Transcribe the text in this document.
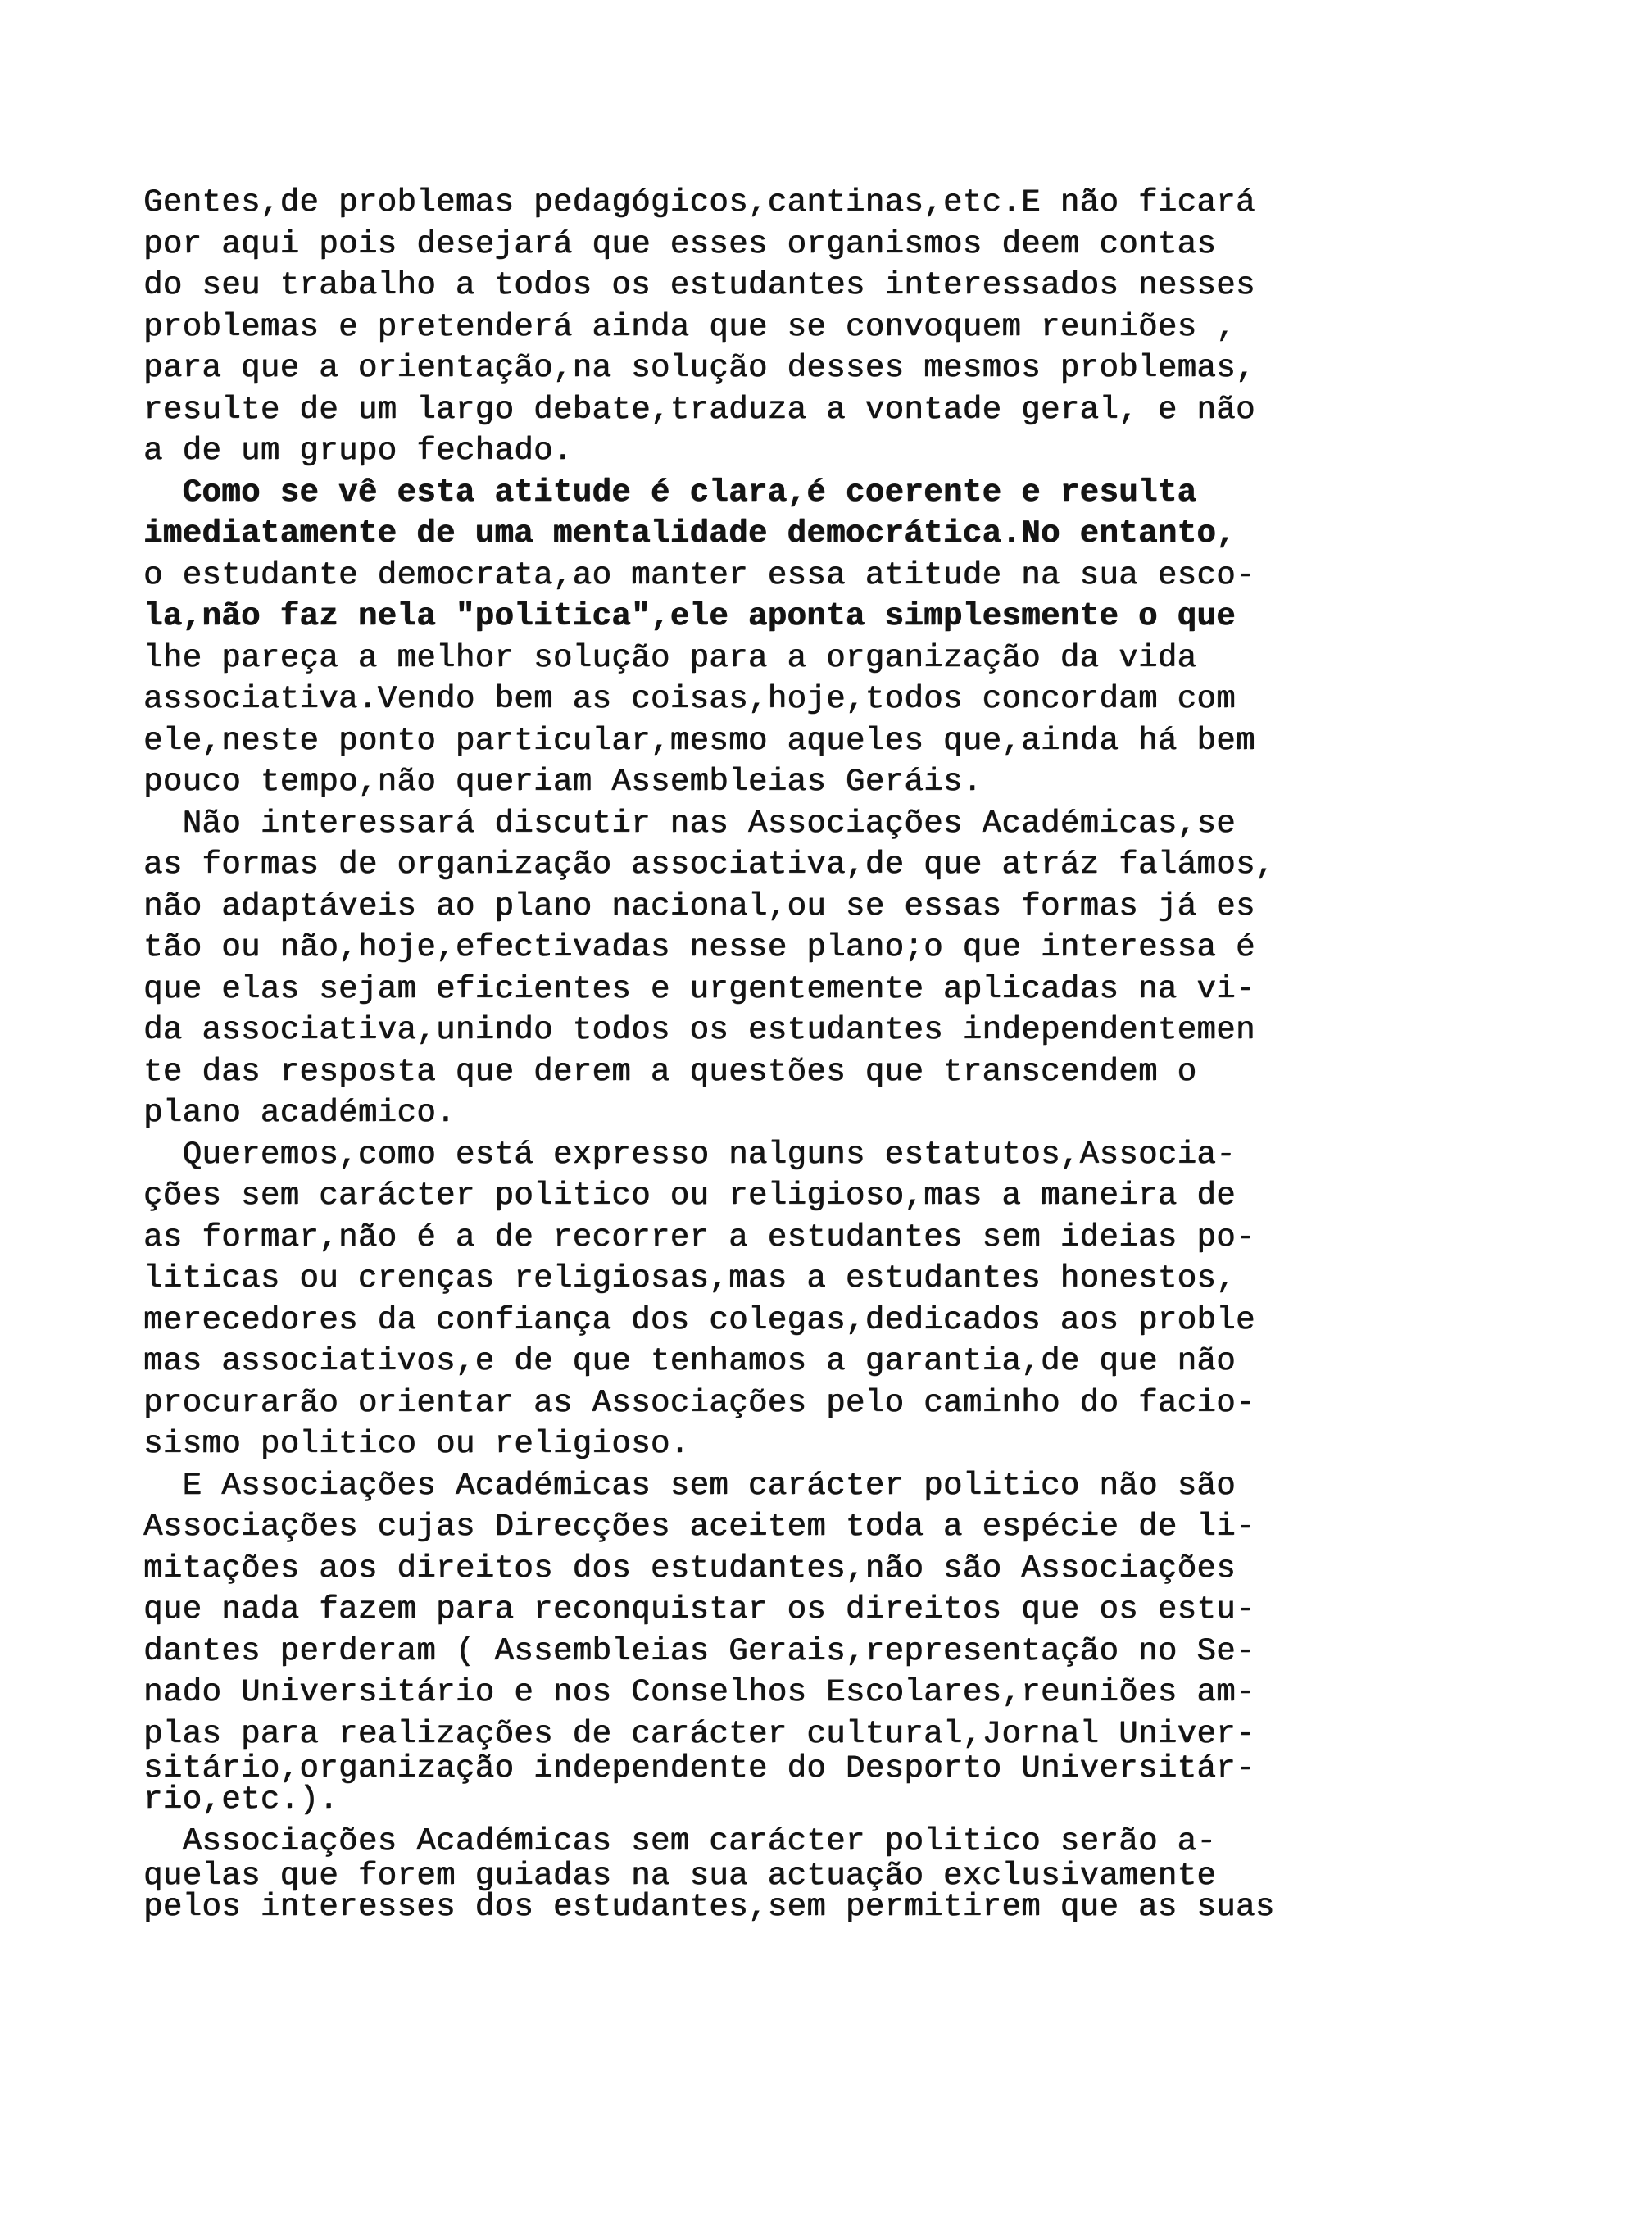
Gentes,de problemas pedagógicos,cantinas,etc.E não ficará
por aqui pois desejará que esses organismos deem contas
do seu trabalho a todos os estudantes interessados nesses
problemas e pretenderá ainda que se convoquem reuniões ,
para que a orientação,na solução desses mesmos problemas,
resulte de um largo debate,traduza a vontade geral, e não
a de um grupo fechado.
Como se vê esta atitude é clara,é coerente e resulta
imediatamente de uma mentalidade democrática.No entanto,
o estudante democrata,ao manter essa atitude na sua esco-
la,não faz nela "politica",ele aponta simplesmente o que
lhe pareça a melhor solução para a organização da vida
associativa.Vendo bem as coisas,hoje,todos concordam com
ele,neste ponto particular,mesmo aqueles que,ainda há bem
pouco tempo,não queriam Assembleias Geráis.
Não interessará discutir nas Associações Académicas,se
as formas de organização associativa,de que atráz falámos,
não adaptáveis ao plano nacional,ou se essas formas já es
tão ou não,hoje,efectivadas nesse plano;o que interessa é
que elas sejam eficientes e urgentemente aplicadas na vi-
da associativa,unindo todos os estudantes independentemen
te das resposta que derem a questões que transcendem o
plano académico.
Queremos,como está expresso nalguns estatutos,Associa-
ções sem carácter politico ou religioso,mas a maneira de
as formar,não é a de recorrer a estudantes sem ideias po-
liticas ou crenças religiosas,mas a estudantes honestos,
merecedores da confiança dos colegas,dedicados aos proble
mas associativos,e de que tenhamos a garantia,de que não
procurarão orientar as Associações pelo caminho do facio-
sismo politico ou religioso.
E Associações Académicas sem carácter politico não são
Associações cujas Direcções aceitem toda a espécie de li-
mitações aos direitos dos estudantes,não são Associações
que nada fazem para reconquistar os direitos que os estu-
dantes perderam ( Assembleias Gerais,representação no Se-
nado Universitário e nos Conselhos Escolares,reuniões am-
plas para realizações de carácter cultural,Jornal Univer-
sitário,organização independente do Desporto Universitár-
rio,etc.).
Associações Académicas sem carácter politico serão a-
quelas que forem guiadas na sua actuação exclusivamente
pelos interesses dos estudantes,sem permitirem que as suas
